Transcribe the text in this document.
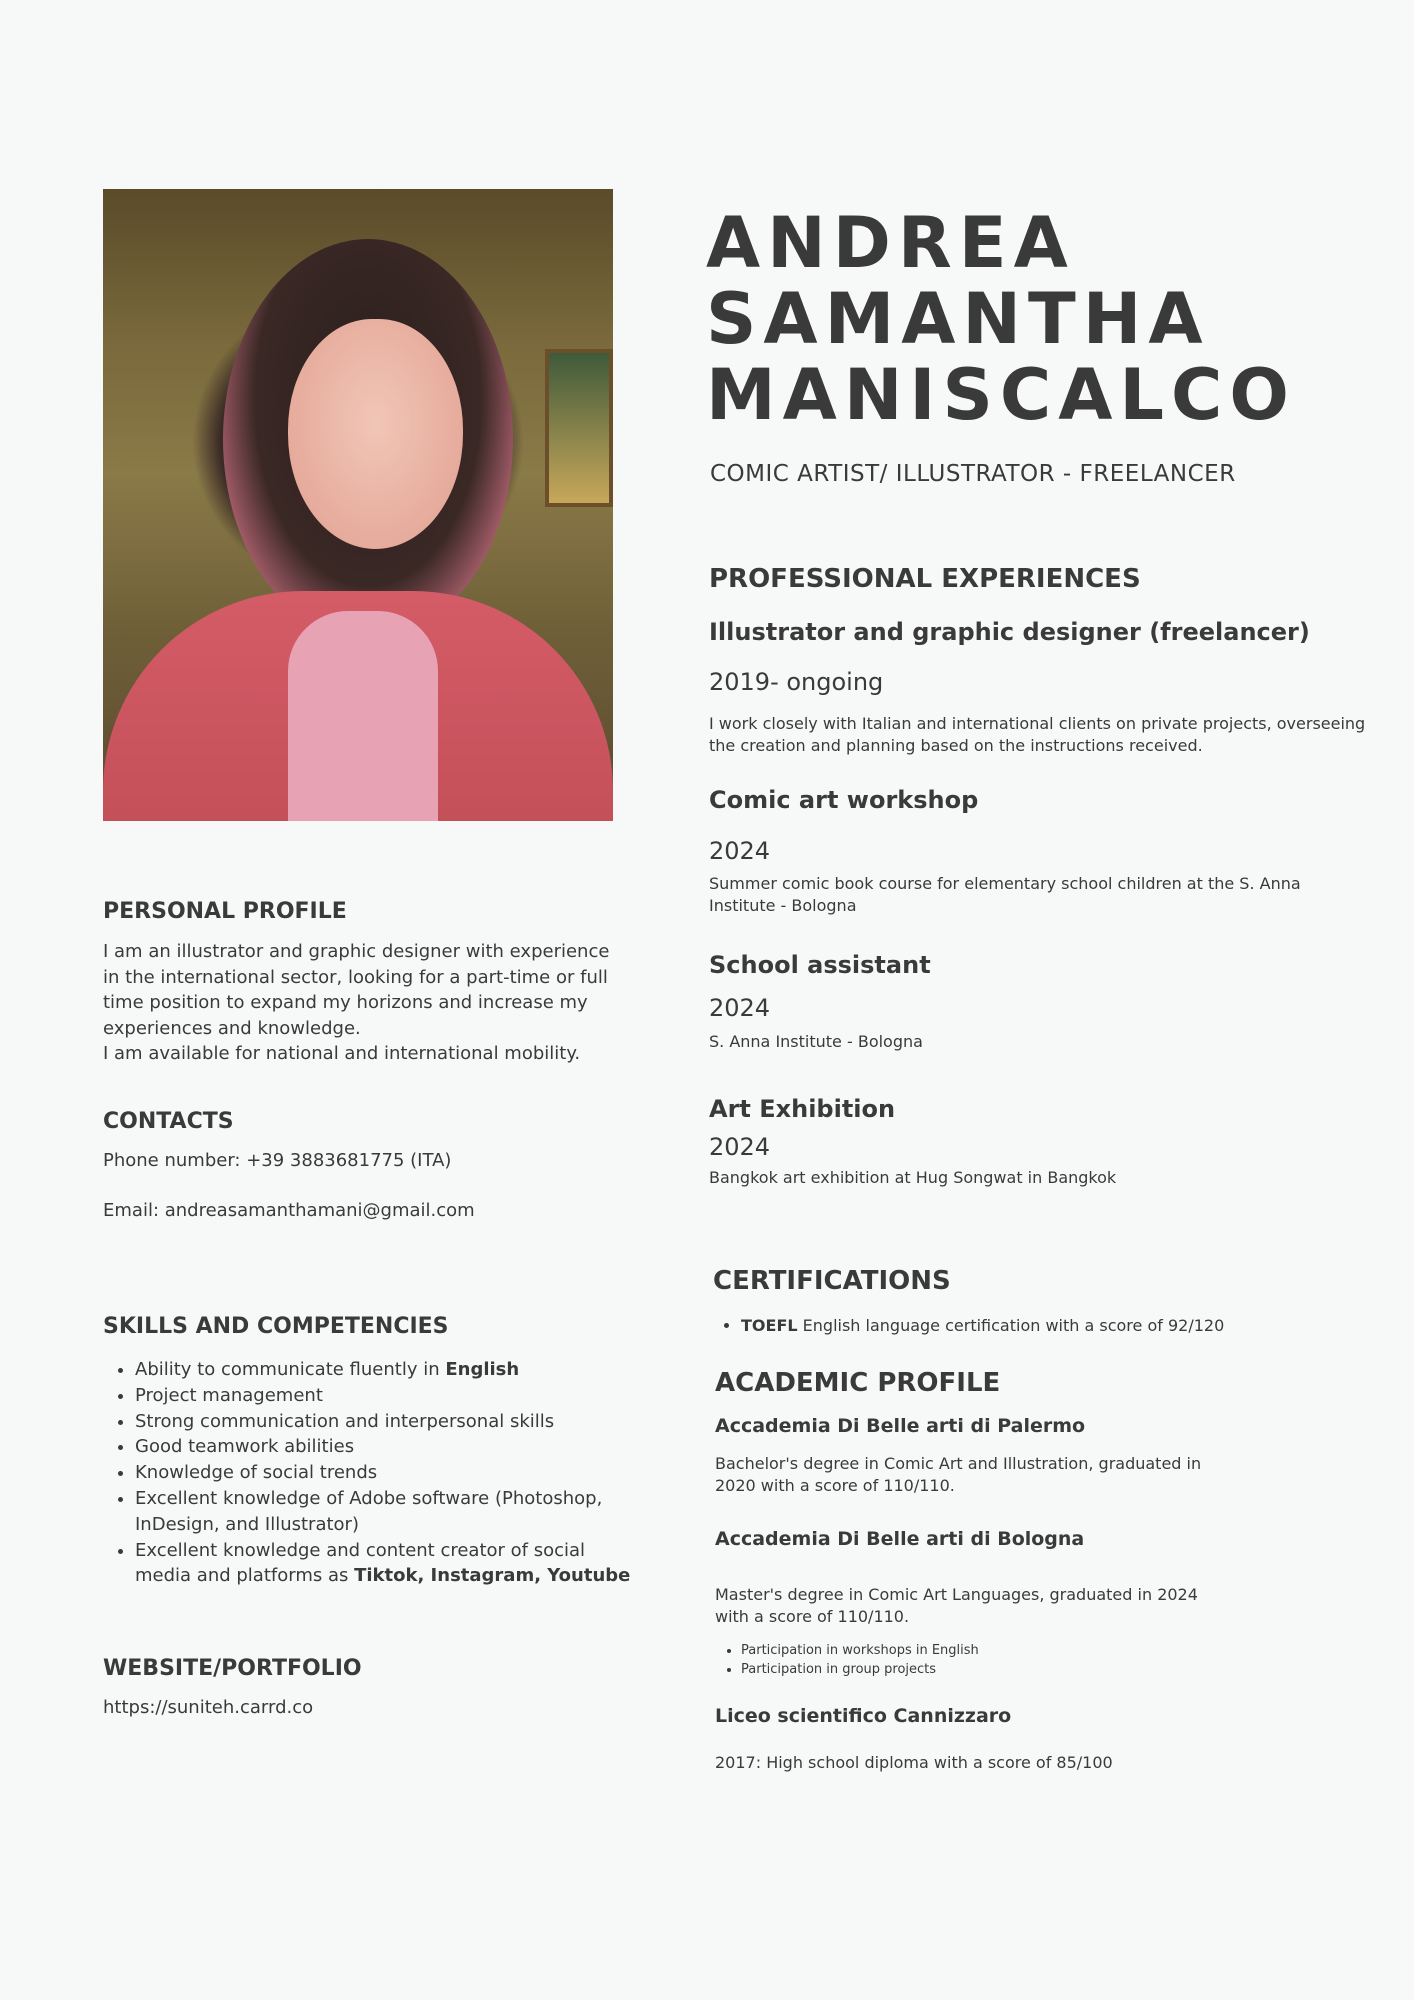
ANDREA
SAMANTHA
MANISCALCO
COMIC ARTIST/ ILLUSTRATOR - FREELANCER
PERSONAL PROFILE
I am an illustrator and graphic designer with experience
in the international sector, looking for a part-time or full
time position to expand my horizons and increase my
experiences and knowledge.
I am available for national and international mobility.
CONTACTS
Phone number: +39 3883681775 (ITA)
Email: andreasamanthamani@gmail.com
SKILLS AND COMPETENCIES
• Ability to communicate fluently in English
• Project management
• Strong communication and interpersonal skills
• Good teamwork abilities
• Knowledge of social trends
• Excellent knowledge of Adobe software (Photoshop, InDesign, and Illustrator)
• Excellent knowledge and content creator of social media and platforms as Tiktok, Instagram, Youtube
WEBSITE/PORTFOLIO
https://suniteh.carrd.co
PROFESSIONAL EXPERIENCES
Illustrator and graphic designer (freelancer)
2019- ongoing
I work closely with Italian and international clients on private projects, overseeing the creation and planning based on the instructions received.
Comic art workshop
2024
Summer comic book course for elementary school children at the S. Anna Institute - Bologna
School assistant
2024
S. Anna Institute - Bologna
Art Exhibition
2024
Bangkok art exhibition at Hug Songwat in Bangkok
CERTIFICATIONS
• TOEFL English language certification with a score of 92/120
ACADEMIC PROFILE
Accademia Di Belle arti di Palermo
Bachelor's degree in Comic Art and Illustration, graduated in 2020 with a score of 110/110.
Accademia Di Belle arti di Bologna
Master's degree in Comic Art Languages, graduated in 2024 with a score of 110/110.
• Participation in workshops in English
• Participation in group projects
Liceo scientifico Cannizzaro
2017: High school diploma with a score of 85/100
